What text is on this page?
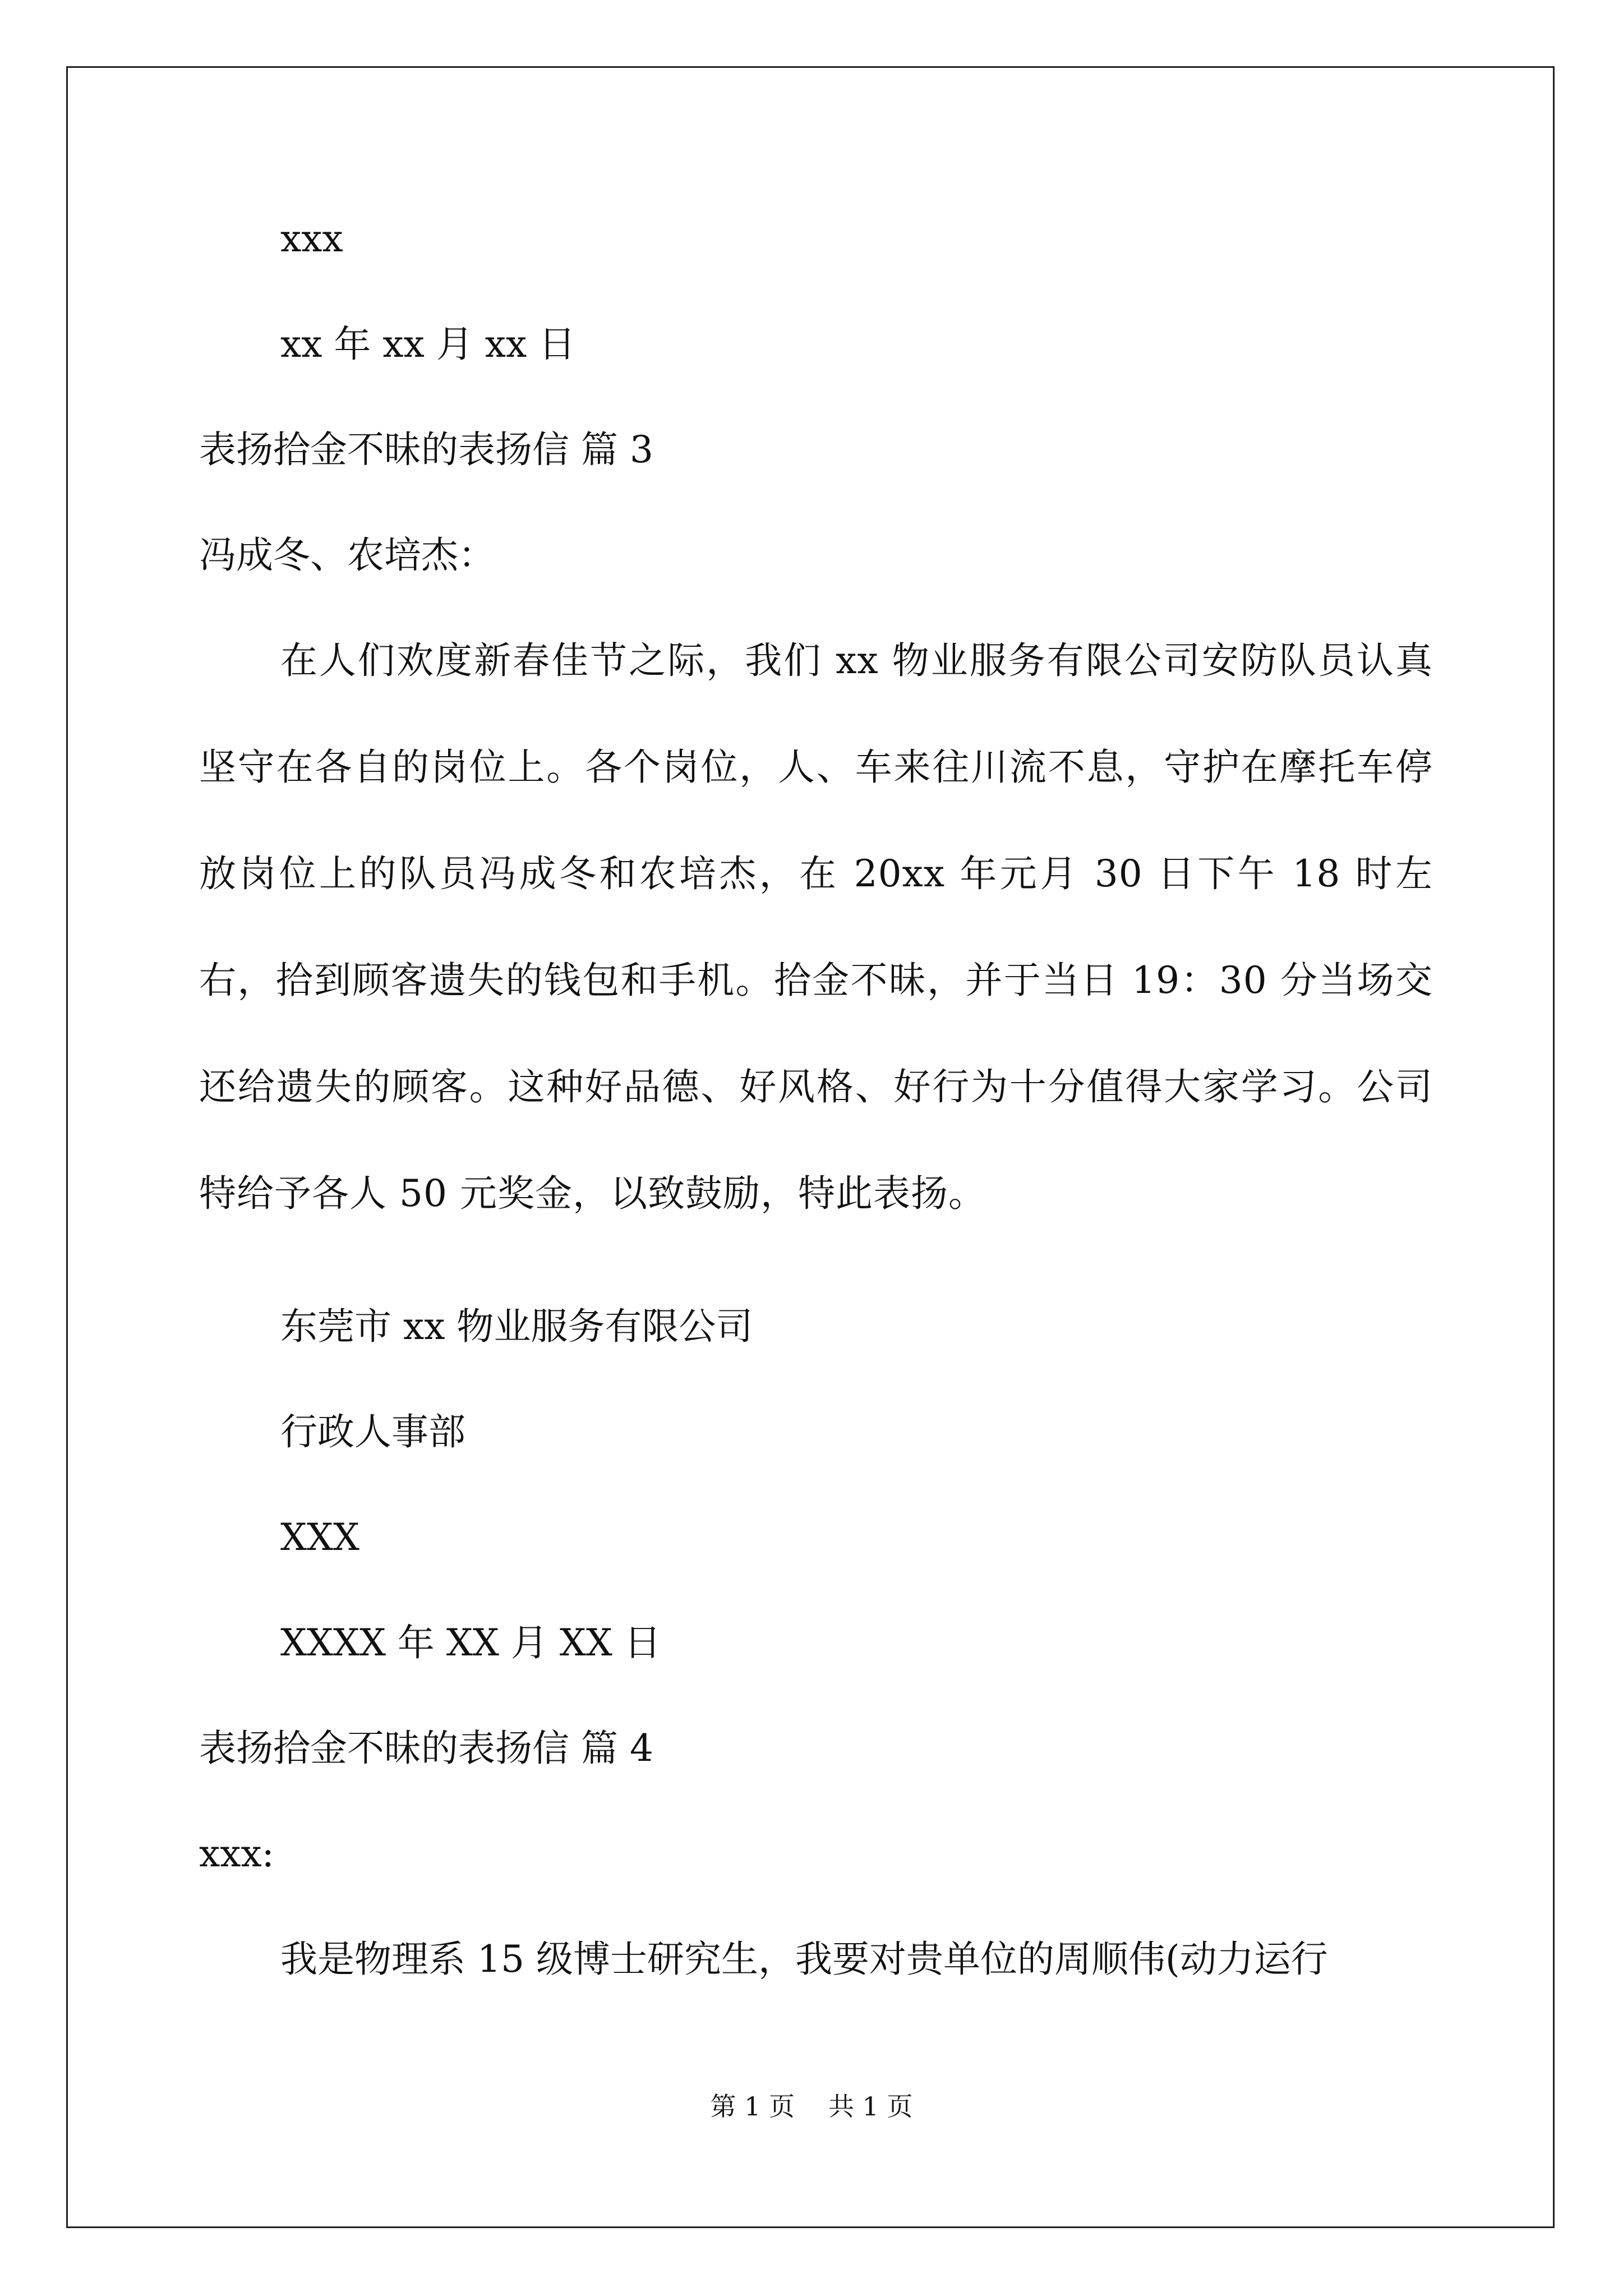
xxx
xx 年 xx 月 xx 日
表扬拾金不昧的表扬信 篇 3
冯成冬、农培杰：
在人们欢度新春佳节之际，我们 xx 物业服务有限公司安防队员认真坚守在各自的岗位上。各个岗位，人、车来往川流不息，守护在摩托车停放岗位上的队员冯成冬和农培杰，在 20xx 年元月 30 日下午 18 时左右，拾到顾客遗失的钱包和手机。拾金不昧，并于当日 19：30 分当场交还给遗失的顾客。这种好品德、好风格、好行为十分值得大家学习。公司特给予各人 50 元奖金，以致鼓励，特此表扬。
东莞市 xx 物业服务有限公司
行政人事部
XXX
XXXX 年 XX 月 XX 日
表扬拾金不昧的表扬信 篇 4
xxx:
我是物理系 15 级博士研究生，我要对贵单位的周顺伟(动力运行
第 1 页 共 1 页
